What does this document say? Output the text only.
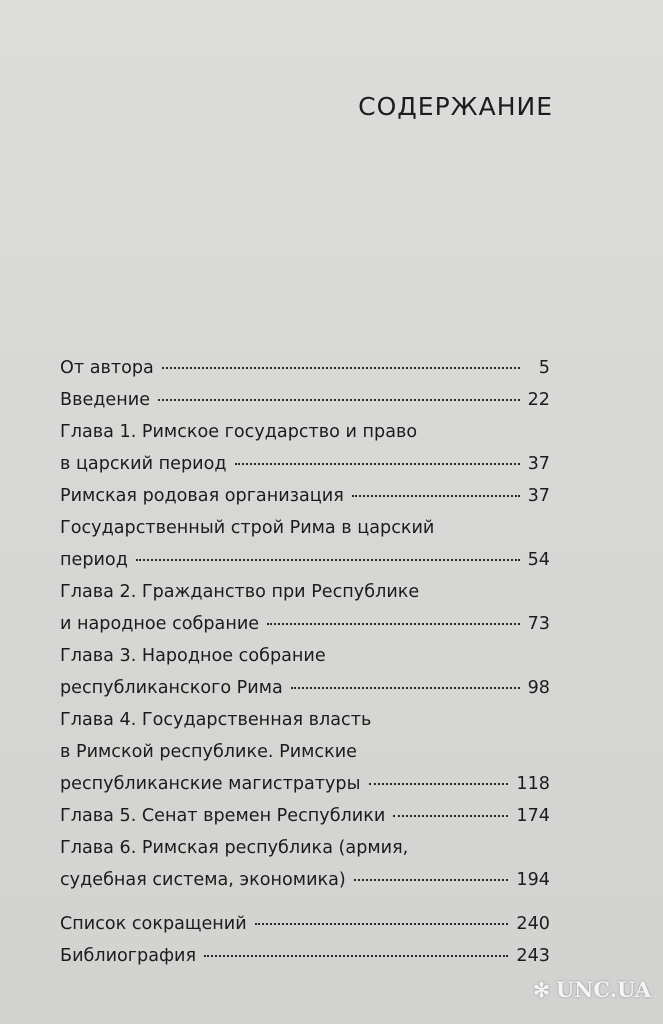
СОДЕРЖАНИЕ
От автора	5
Введение	22
Глава 1. Римское государство и право
в царский период	37
Римская родовая организация	37
Государственный строй Рима в царский
период	54
Глава 2. Гражданство при Республике
и народное собрание	73
Глава 3. Народное собрание
республиканского Рима	98
Глава 4. Государственная власть
в Римской республике. Римские
республиканские магистратуры	118
Глава 5. Сенат времен Республики	174
Глава 6. Римская республика (армия,
судебная система, экономика)	194
Список сокращений	240
Библиография	243
✻ UNC.UA
